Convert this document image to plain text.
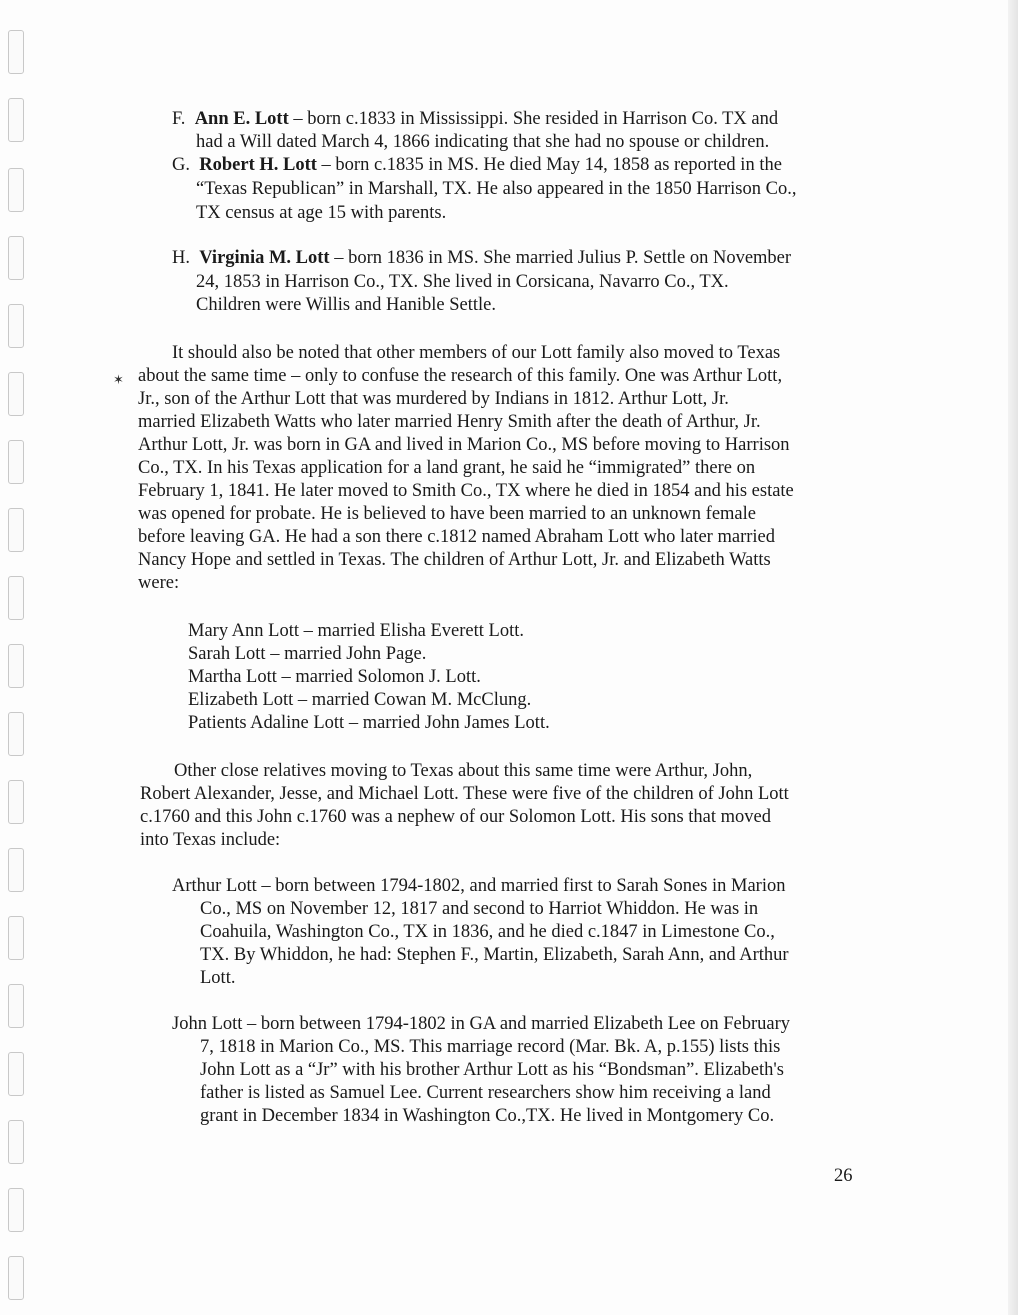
F. Ann E. Lott – born c.1833 in Mississippi. She resided in Harrison Co. TX and
had a Will dated March 4, 1866 indicating that she had no spouse or children.
G. Robert H. Lott – born c.1835 in MS. He died May 14, 1858 as reported in the
“Texas Republican” in Marshall, TX. He also appeared in the 1850 Harrison Co.,
TX census at age 15 with parents.
H. Virginia M. Lott – born 1836 in MS. She married Julius P. Settle on November
24, 1853 in Harrison Co., TX. She lived in Corsicana, Navarro Co., TX.
Children were Willis and Hanible Settle.
✶
It should also be noted that other members of our Lott family also moved to Texas
about the same time – only to confuse the research of this family. One was Arthur Lott,
Jr., son of the Arthur Lott that was murdered by Indians in 1812. Arthur Lott, Jr.
married Elizabeth Watts who later married Henry Smith after the death of Arthur, Jr.
Arthur Lott, Jr. was born in GA and lived in Marion Co., MS before moving to Harrison
Co., TX. In his Texas application for a land grant, he said he “immigrated” there on
February 1, 1841. He later moved to Smith Co., TX where he died in 1854 and his estate
was opened for probate. He is believed to have been married to an unknown female
before leaving GA. He had a son there c.1812 named Abraham Lott who later married
Nancy Hope and settled in Texas. The children of Arthur Lott, Jr. and Elizabeth Watts
were:
Mary Ann Lott – married Elisha Everett Lott.
Sarah Lott – married John Page.
Martha Lott – married Solomon J. Lott.
Elizabeth Lott – married Cowan M. McClung.
Patients Adaline Lott – married John James Lott.
Other close relatives moving to Texas about this same time were Arthur, John,
Robert Alexander, Jesse, and Michael Lott. These were five of the children of John Lott
c.1760 and this John c.1760 was a nephew of our Solomon Lott. His sons that moved
into Texas include:
Arthur Lott – born between 1794-1802, and married first to Sarah Sones in Marion
Co., MS on November 12, 1817 and second to Harriot Whiddon. He was in
Coahuila, Washington Co., TX in 1836, and he died c.1847 in Limestone Co.,
TX. By Whiddon, he had: Stephen F., Martin, Elizabeth, Sarah Ann, and Arthur
Lott.
John Lott – born between 1794-1802 in GA and married Elizabeth Lee on February
7, 1818 in Marion Co., MS. This marriage record (Mar. Bk. A, p.155) lists this
John Lott as a “Jr” with his brother Arthur Lott as his “Bondsman”. Elizabeth's
father is listed as Samuel Lee. Current researchers show him receiving a land
grant in December 1834 in Washington Co.,TX. He lived in Montgomery Co.
26
